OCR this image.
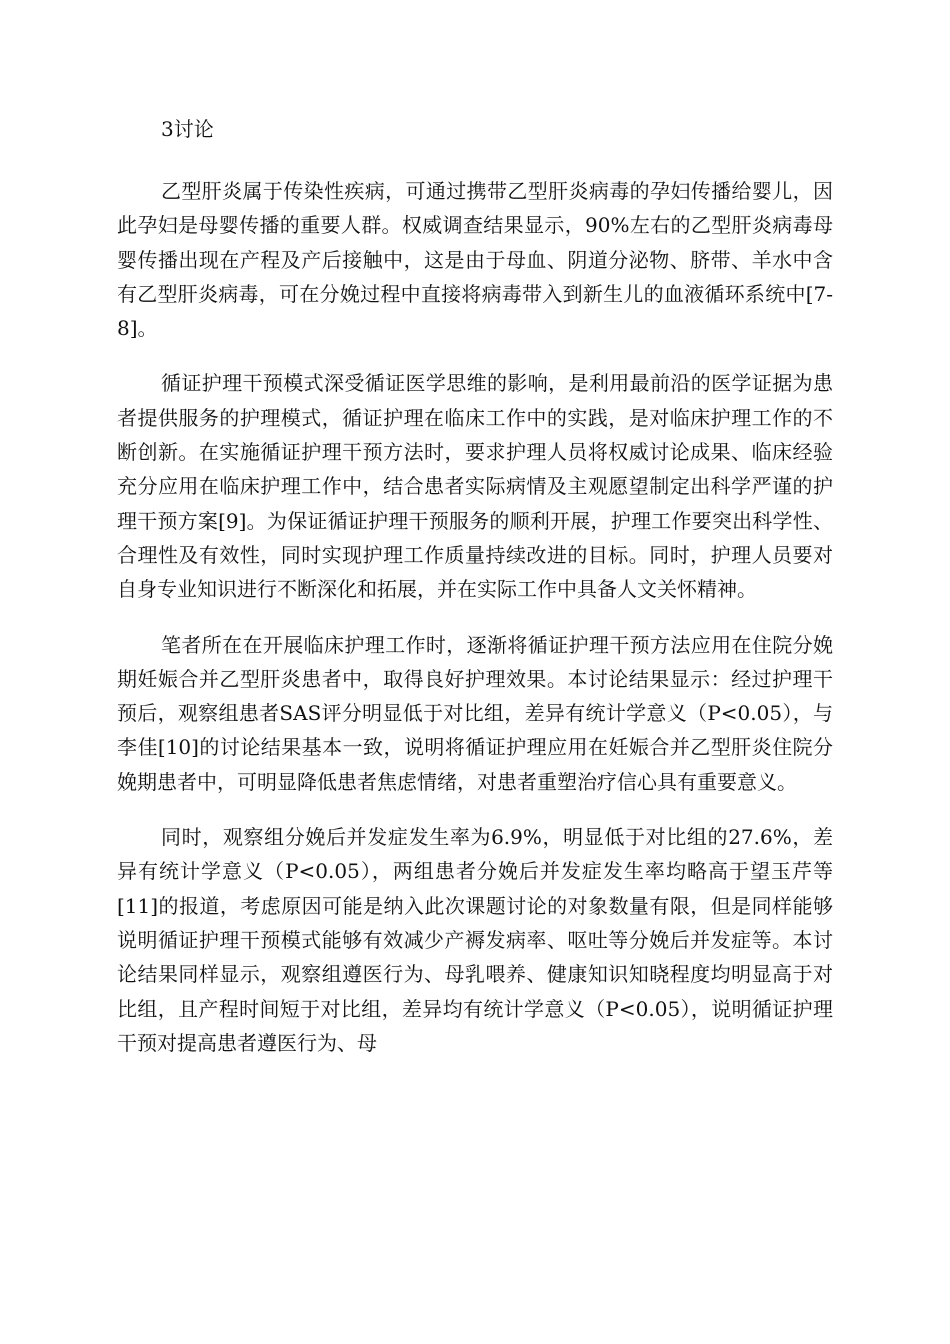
3讨论

乙型肝炎属于传染性疾病，可通过携带乙型肝炎病毒的孕妇传播给婴儿，因此孕妇是母婴传播的重要人群。权威调查结果显示，90%左右的乙型肝炎病毒母婴传播出现在产程及产后接触中，这是由于母血、阴道分泌物、脐带、羊水中含有乙型肝炎病毒，可在分娩过程中直接将病毒带入到新生儿的血液循环系统中[7-8]。

循证护理干预模式深受循证医学思维的影响，是利用最前沿的医学证据为患者提供服务的护理模式，循证护理在临床工作中的实践，是对临床护理工作的不断创新。在实施循证护理干预方法时，要求护理人员将权威讨论成果、临床经验充分应用在临床护理工作中，结合患者实际病情及主观愿望制定出科学严谨的护理干预方案[9]。为保证循证护理干预服务的顺利开展，护理工作要突出科学性、合理性及有效性，同时实现护理工作质量持续改进的目标。同时，护理人员要对自身专业知识进行不断深化和拓展，并在实际工作中具备人文关怀精神。

笔者所在在开展临床护理工作时，逐渐将循证护理干预方法应用在住院分娩期妊娠合并乙型肝炎患者中，取得良好护理效果。本讨论结果显示：经过护理干预后，观察组患者SAS评分明显低于对比组，差异有统计学意义（P<0.05），与李佳[10]的讨论结果基本一致，说明将循证护理应用在妊娠合并乙型肝炎住院分娩期患者中，可明显降低患者焦虑情绪，对患者重塑治疗信心具有重要意义。

同时，观察组分娩后并发症发生率为6.9%，明显低于对比组的27.6%，差异有统计学意义（P<0.05），两组患者分娩后并发症发生率均略高于望玉芹等[11]的报道，考虑原因可能是纳入此次课题讨论的对象数量有限，但是同样能够说明循证护理干预模式能够有效减少产褥发病率、呕吐等分娩后并发症等。本讨论结果同样显示，观察组遵医行为、母乳喂养、健康知识知晓程度均明显高于对比组，且产程时间短于对比组，差异均有统计学意义（P<0.05），说明循证护理干预对提高患者遵医行为、母
